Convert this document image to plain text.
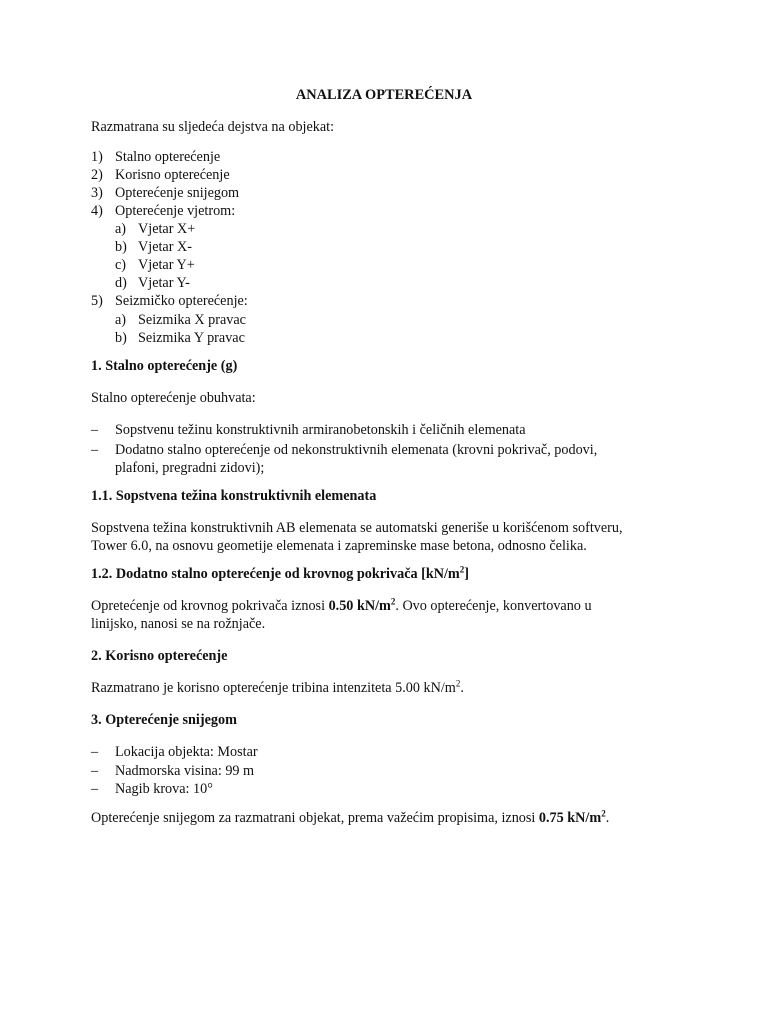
ANALIZA OPTEREĆENJA
Razmatrana su sljedeća dejstva na objekat:
1) Stalno opterećenje
2) Korisno opterećenje
3) Opterećenje snijegom
4) Opterećenje vjetrom:
a) Vjetar X+
b) Vjetar X-
c) Vjetar Y+
d) Vjetar Y-
5) Seizmičko opterećenje:
a) Seizmika X pravac
b) Seizmika Y pravac
1. Stalno opterećenje (g)
Stalno opterećenje obuhvata:
– Sopstvenu težinu konstruktivnih armiranobetonskih i čeličnih elemenata
– Dodatno stalno opterećenje od nekonstruktivnih elemenata (krovni pokrivač, podovi,
plafoni, pregradni zidovi);
1.1. Sopstvena težina konstruktivnih elemenata
Sopstvena težina konstruktivnih AB elemenata se automatski generiše u korišćenom softveru,
Tower 6.0, na osnovu geometije elemenata i zapreminske mase betona, odnosno čelika.
1.2. Dodatno stalno opterećenje od krovnog pokrivača $[kN/m^2]$
Opretećenje od krovnog pokrivača iznosi 0.50 $kN/m^2$. Ovo opterećenje, konvertovano u
linijsko, nanosi se na rožnjače.
2. Korisno opterećenje
Razmatrano je korisno opterećenje tribina intenziteta 5.00 $kN/m^2$.
3. Opterećenje snijegom
– Lokacija objekta: Mostar
– Nadmorska visina: 99 m
– Nagib krova: 10°
Opterećenje snijegom za razmatrani objekat, prema važećim propisima, iznosi 0.75 $kN/m^2$.
